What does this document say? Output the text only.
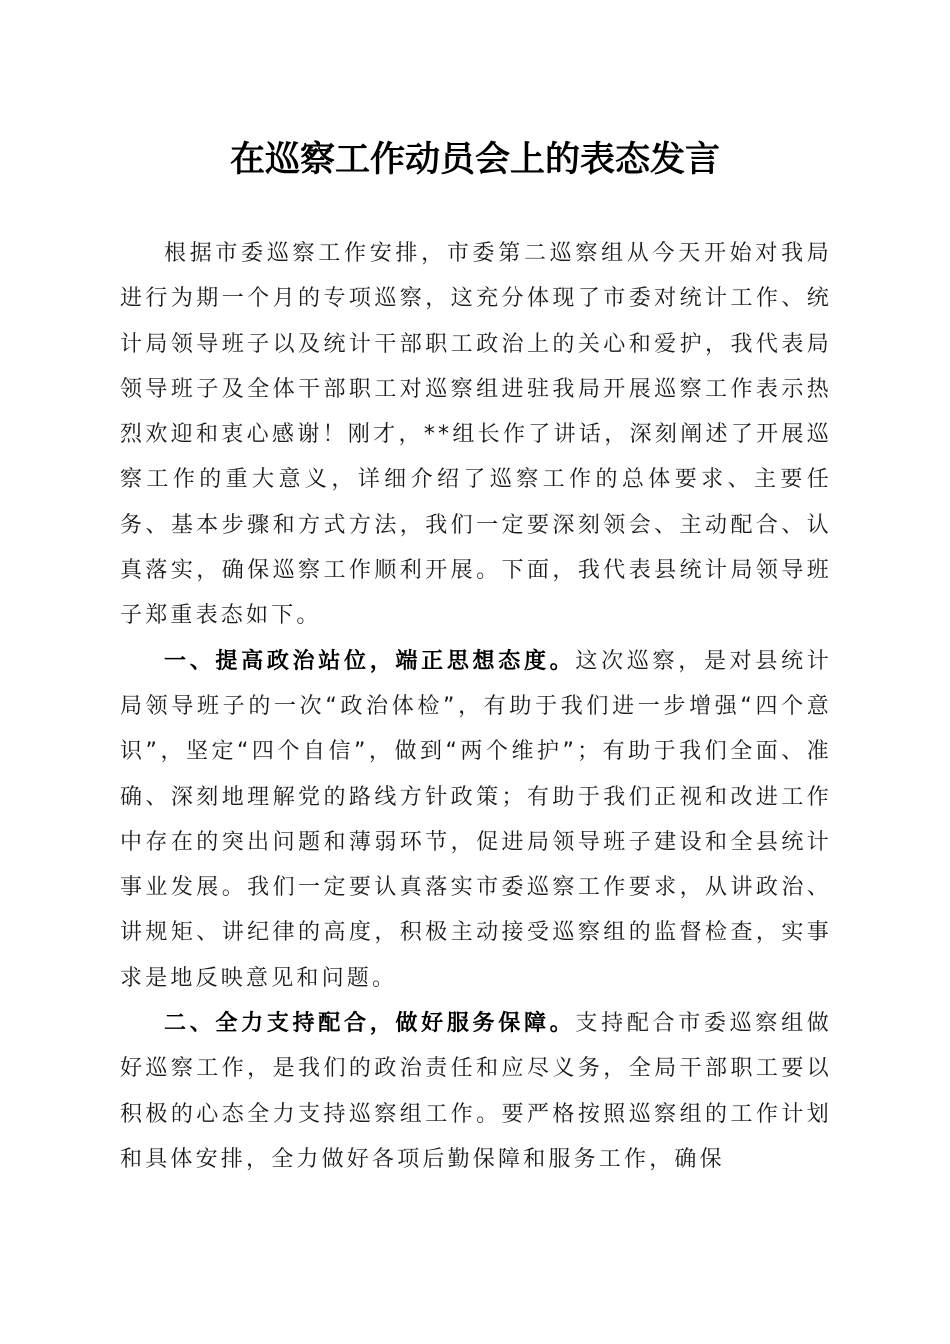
在巡察工作动员会上的表态发言

根据市委巡察工作安排，市委第二巡察组从今天开始对我局进行为期一个月的专项巡察，这充分体现了市委对统计工作、统计局领导班子以及统计干部职工政治上的关心和爱护，我代表局领导班子及全体干部职工对巡察组进驻我局开展巡察工作表示热烈欢迎和衷心感谢！刚才，**组长作了讲话，深刻阐述了开展巡察工作的重大意义，详细介绍了巡察工作的总体要求、主要任务、基本步骤和方式方法，我们一定要深刻领会、主动配合、认真落实，确保巡察工作顺利开展。下面，我代表县统计局领导班子郑重表态如下。

一、提高政治站位，端正思想态度。这次巡察，是对县统计局领导班子的一次“政治体检”，有助于我们进一步增强“四个意识”，坚定“四个自信”，做到“两个维护”；有助于我们全面、准确、深刻地理解党的路线方针政策；有助于我们正视和改进工作中存在的突出问题和薄弱环节，促进局领导班子建设和全县统计事业发展。我们一定要认真落实市委巡察工作要求，从讲政治、讲规矩、讲纪律的高度，积极主动接受巡察组的监督检查，实事求是地反映意见和问题。

二、全力支持配合，做好服务保障。支持配合市委巡察组做好巡察工作，是我们的政治责任和应尽义务，全局干部职工要以积极的心态全力支持巡察组工作。要严格按照巡察组的工作计划和具体安排，全力做好各项后勤保障和服务工作，确保
